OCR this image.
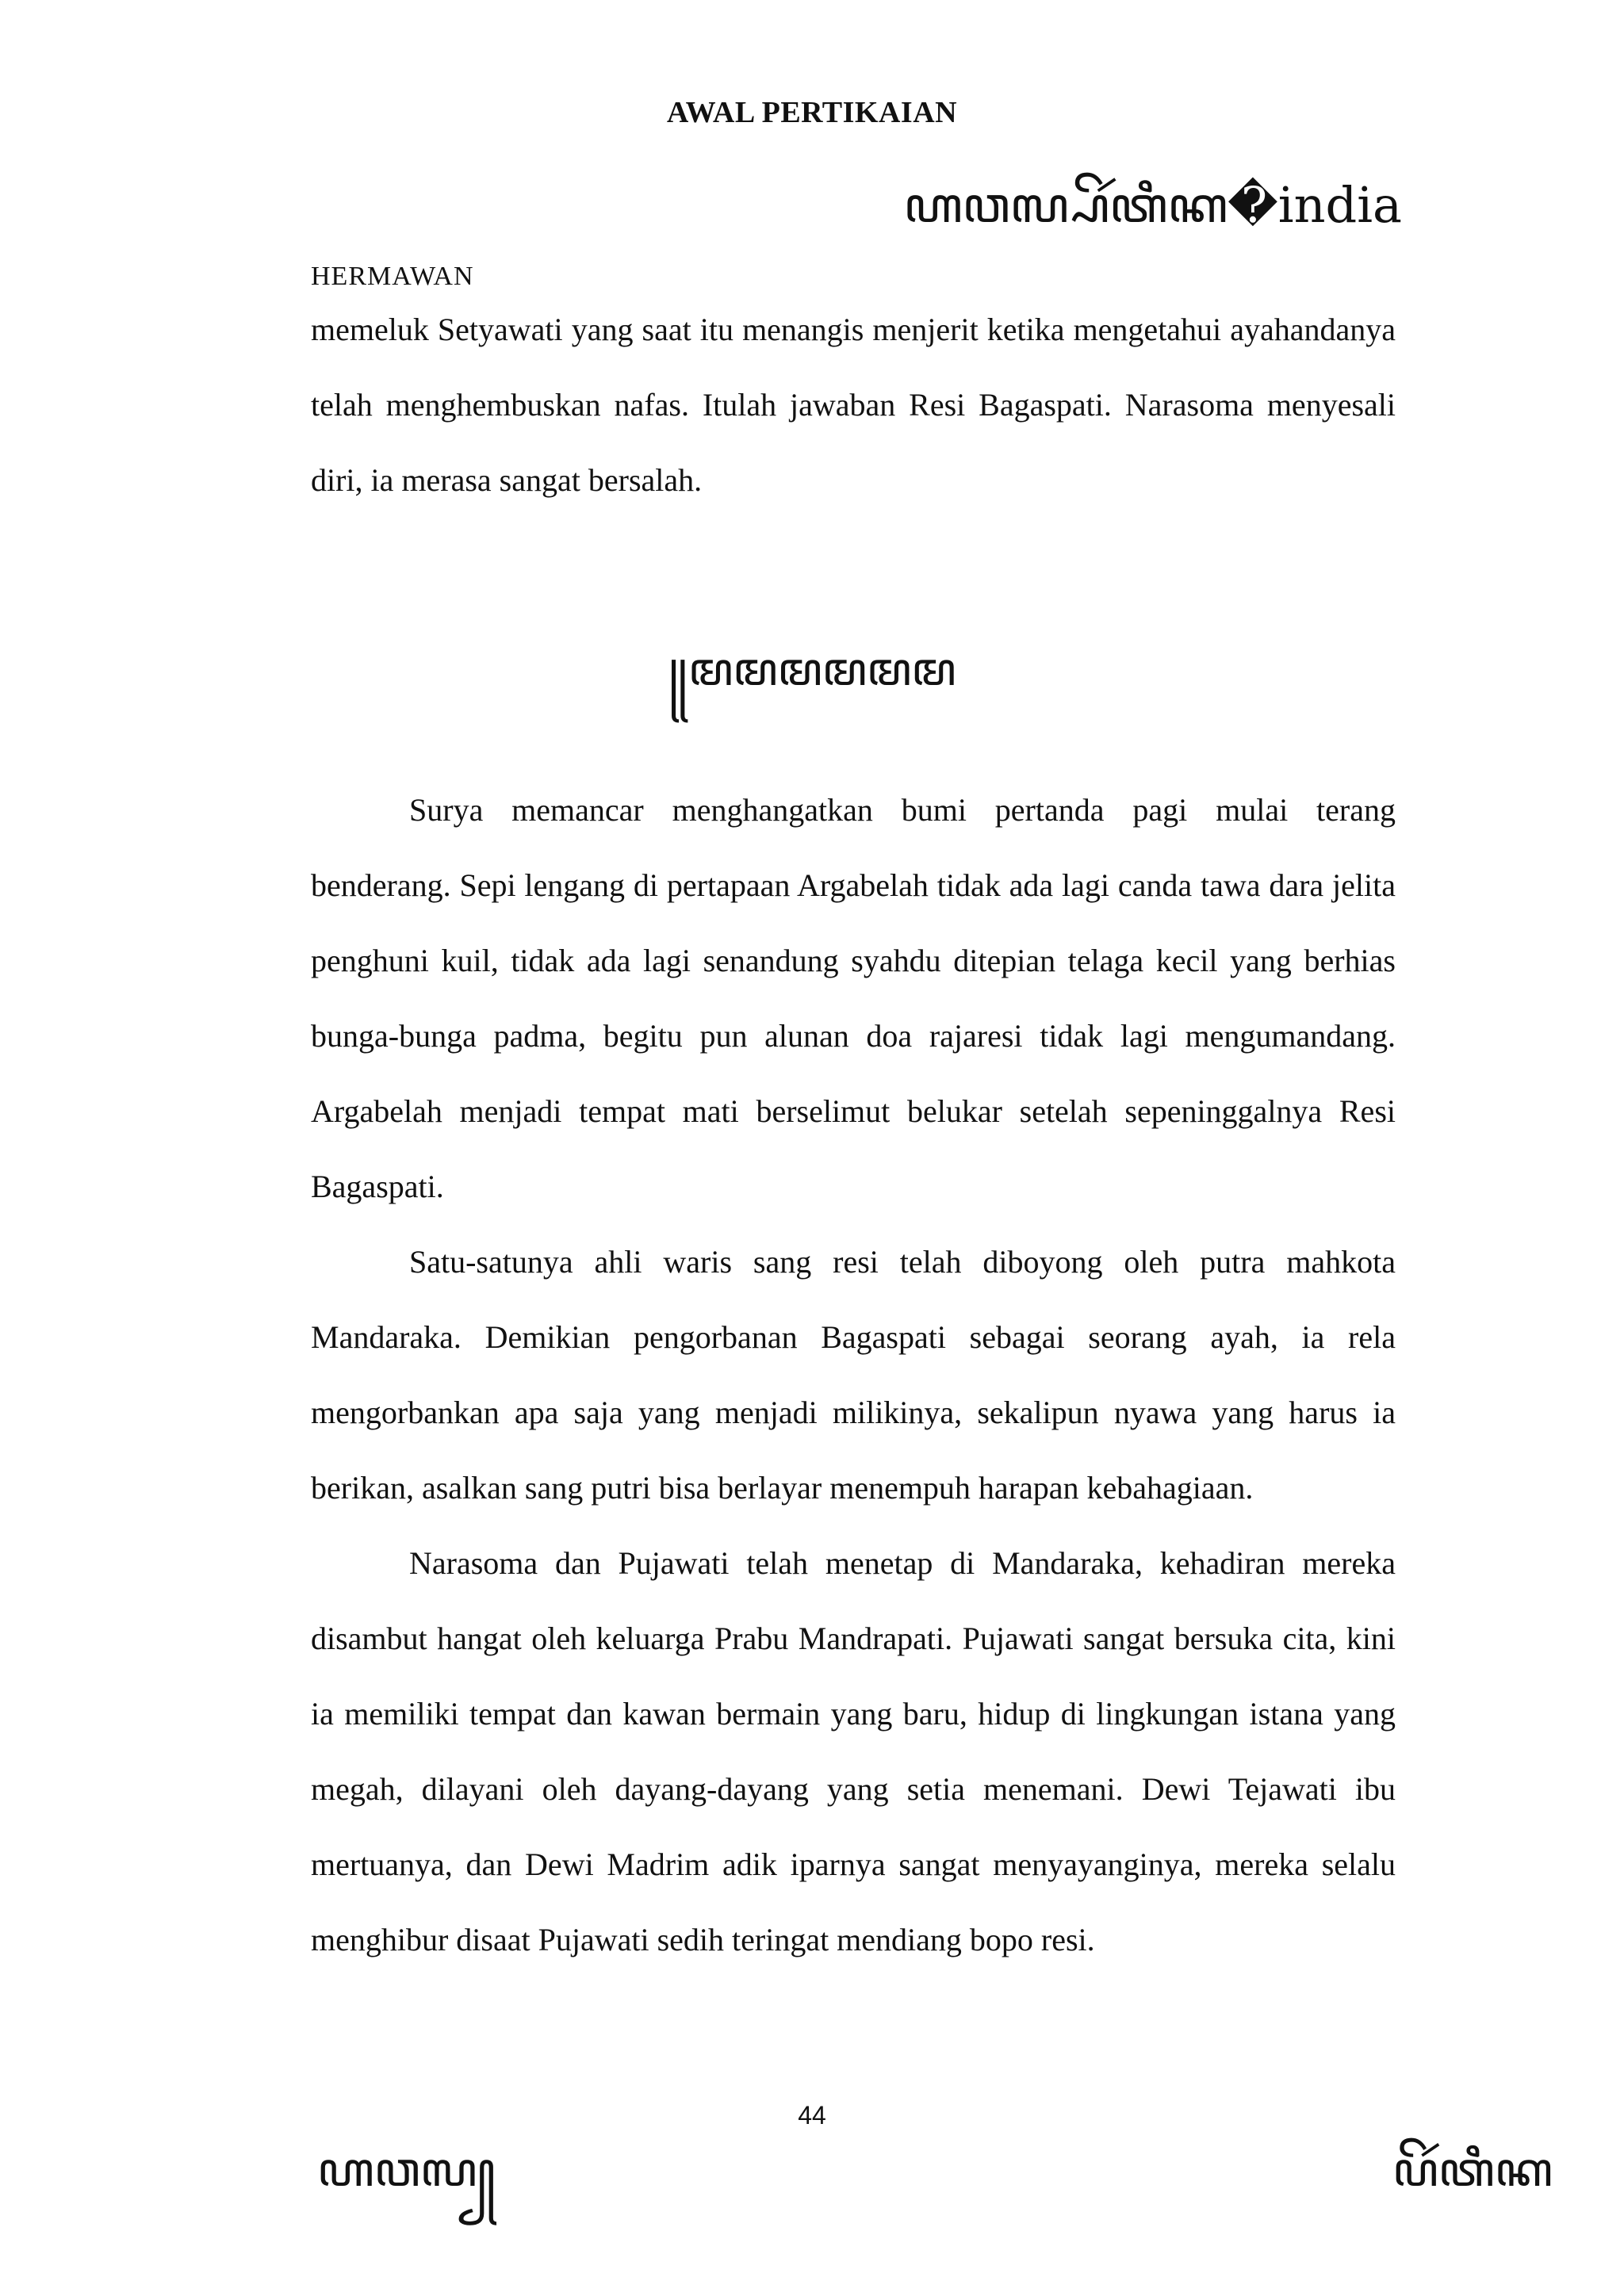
AWAL PERTIKAIAN
ꦲꦮꦭ꧀ꦥꦼꦂꦠꦶꦏ�india
HERMAWAN

memeluk Setyawati yang saat itu menangis menjerit ketika mengetahui ayahandanya telah menghembuskan nafas. Itulah jawaban Resi Bagaspati. Narasoma menyesali diri, ia merasa sangat bersalah.

꧋ꦩꦩꦩꦩꦩꦩ

Surya memancar menghangatkan bumi pertanda pagi mulai terang benderang. Sepi lengang di pertapaan Argabelah tidak ada lagi canda tawa dara jelita penghuni kuil, tidak ada lagi senandung syahdu ditepian telaga kecil yang berhias bunga-bunga padma, begitu pun alunan doa rajaresi tidak lagi mengumandang. Argabelah menjadi tempat mati berselimut belukar setelah sepeninggalnya Resi Bagaspati.

Satu-satunya ahli waris sang resi telah diboyong oleh putra mahkota Mandaraka. Demikian pengorbanan Bagaspati sebagai seorang ayah, ia rela mengorbankan apa saja yang menjadi milikinya, sekalipun nyawa yang harus ia berikan, asalkan sang putri bisa berlayar menempuh harapan kebahagiaan.

Narasoma dan Pujawati telah menetap di Mandaraka, kehadiran mereka disambut hangat oleh keluarga Prabu Mandrapati. Pujawati sangat bersuka cita, kini ia memiliki tempat dan kawan bermain yang baru, hidup di lingkungan istana yang megah, dilayani oleh dayang-dayang yang setia menemani. Dewi Tejawati ibu mertuanya, dan Dewi Madrim adik iparnya sangat menyayanginya, mereka selalu menghibur disaat Pujawati sedih teringat mendiang bopo resi.

44
ꦲꦮꦭ꧀	ꦥꦼꦂꦠꦶꦏ
